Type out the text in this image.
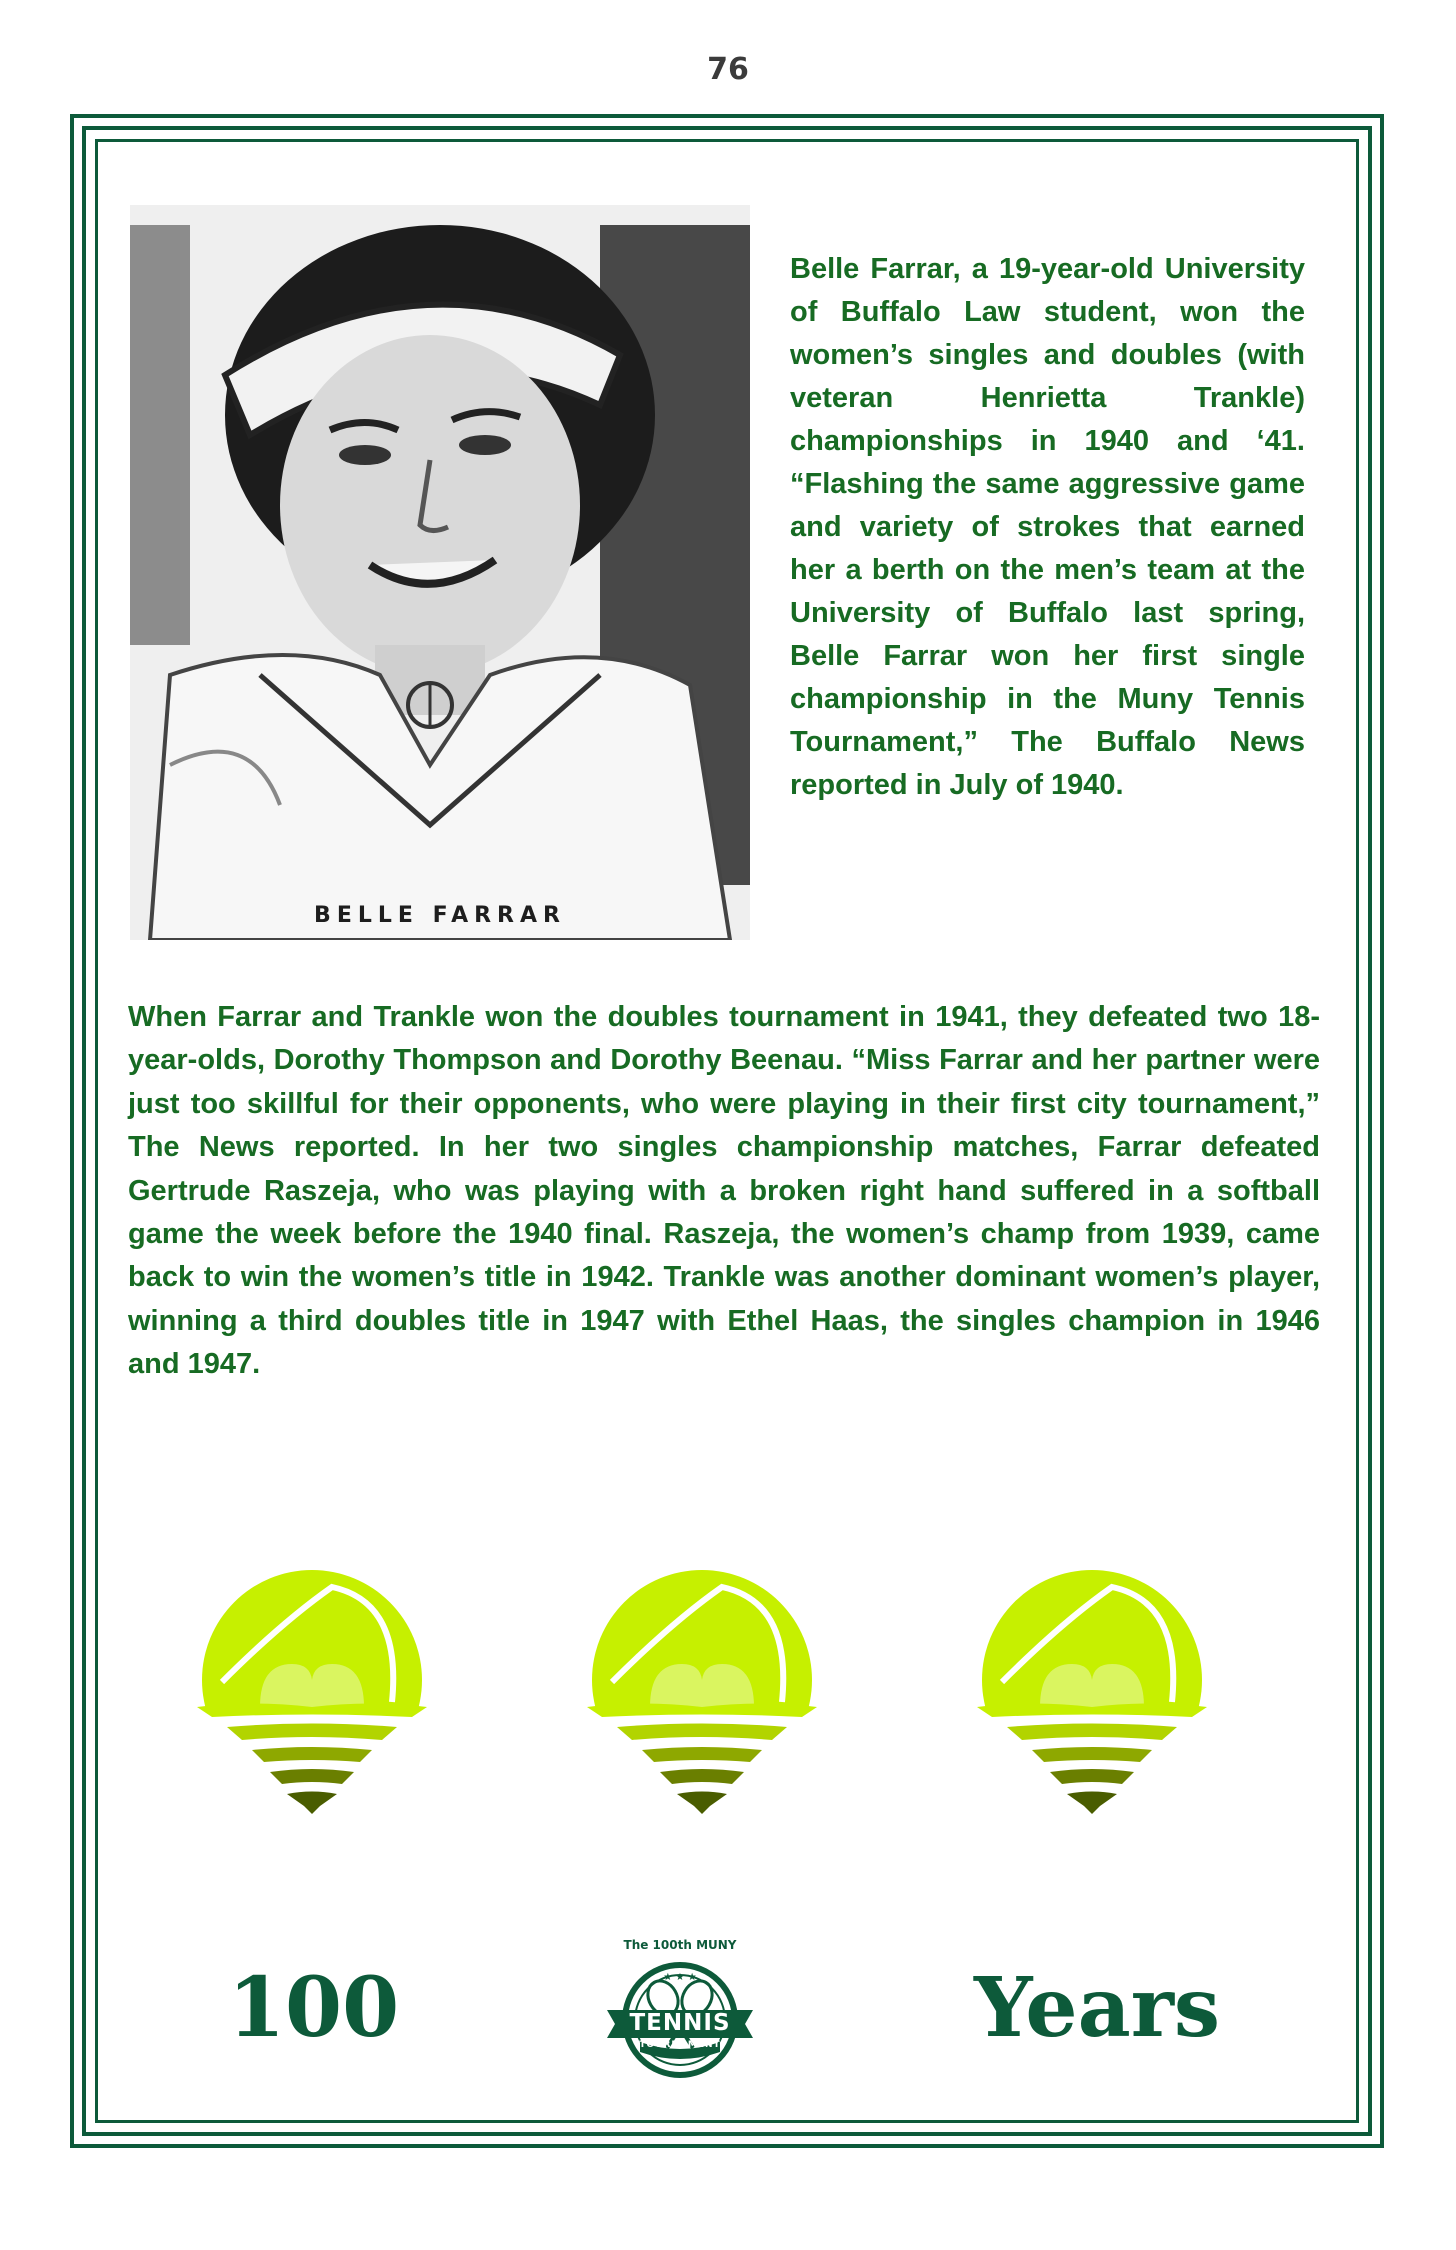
76
BELLE FARRAR

Belle Farrar, a 19-year-old University of Buffalo Law student, won the women’s singles and doubles (with veteran Henrietta Trankle) championships in 1940 and ‘41. “Flashing the same aggressive game and variety of strokes that earned her a berth on the men’s team at the University of Buffalo last spring, Belle Farrar won her first single championship in the Muny Tennis Tournament,” The Buffalo News reported in July of 1940.

When Farrar and Trankle won the doubles tournament in 1941, they defeated two 18-year-olds, Dorothy Thompson and Dorothy Beenau. “Miss Farrar and her partner were just too skillful for their opponents, who were playing in their first city tournament,” The News reported. In her two singles championship matches, Farrar defeated Gertrude Raszeja, who was playing with a broken right hand suffered in a softball game the week before the 1940 final. Raszeja, the women’s champ from 1939, came back to win the women’s title in 1942. Trankle was another dominant women’s player, winning a third doubles title in 1947 with Ethel Haas, the singles champion in 1946 and 1947.

100	★ ★ ★
The 100th MUNY
TENNIS
TOURNAMENT	Years
